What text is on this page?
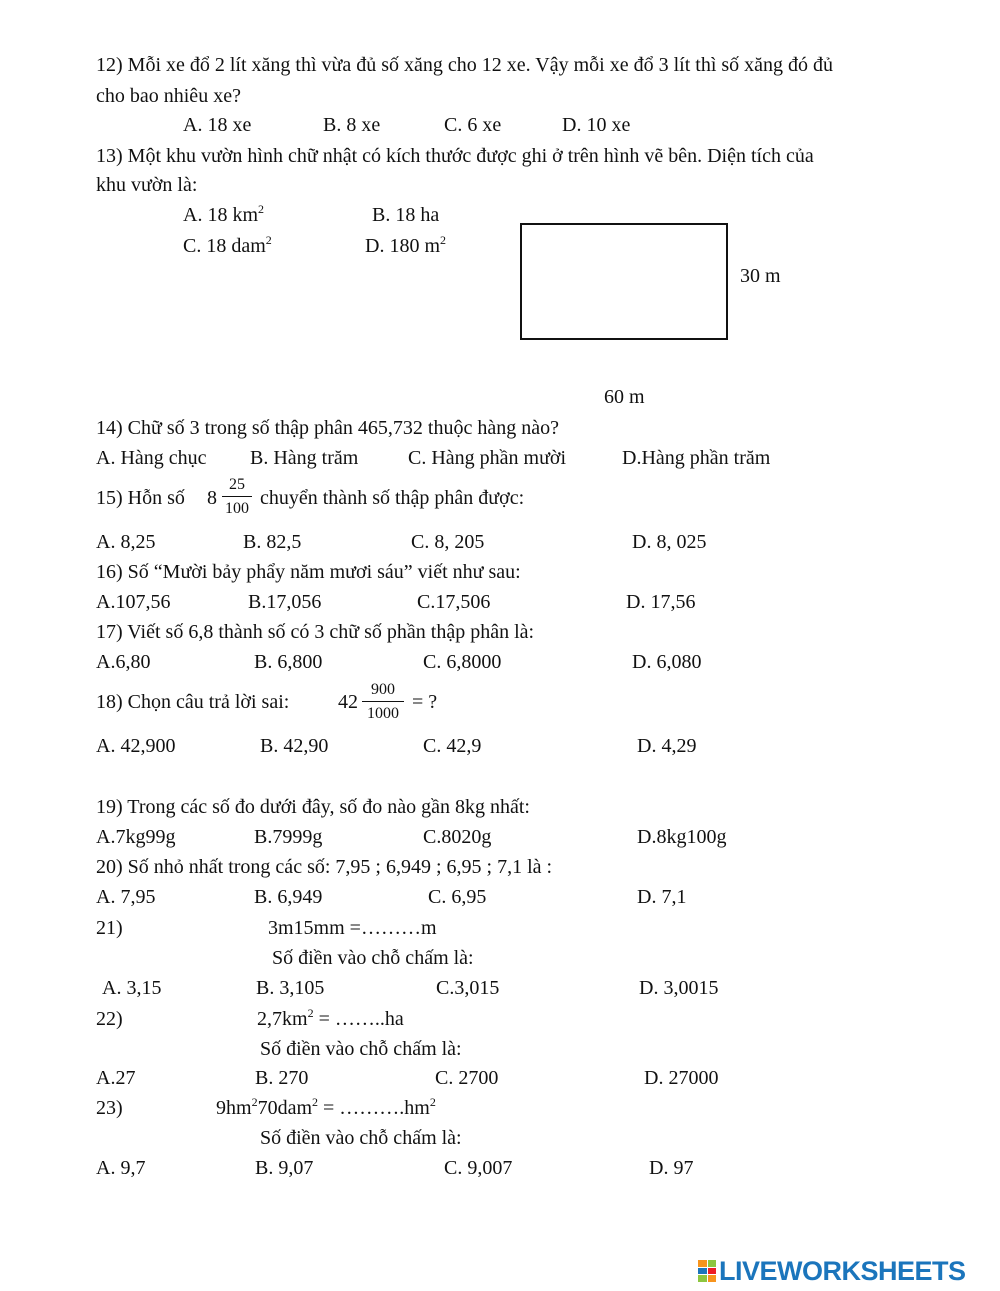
12) Mỗi xe đổ 2 lít xăng thì vừa đủ số xăng cho 12 xe. Vậy mỗi xe đổ 3 lít thì số xăng đó đủ
cho bao nhiêu xe?
A. 18 xe	B. 8 xe	C. 6 xe	D. 10 xe
13) Một khu vườn hình chữ nhật có kích thước được ghi ở trên hình vẽ bên. Diện tích của
khu vườn là:
A. 18 $km^2$	B. 18 ha
C. 18 dam$^2$	D. 180 $m^2$
30 m
60 m
14) Chữ số 3 trong số thập phân 465,732 thuộc hàng nào?
A. Hàng chục B. Hàng trăm C. Hàng phần mười	D.Hàng phần trăm
15) Hỗn số 8
25
100 chuyển thành số thập phân được:
A. 8,25	B. 82,5	C. 8, 205	D. 8, 025
16) Số “Mười bảy phẩy năm mươi sáu” viết như sau:
A.107,56	B.17,056	C.17,506	D. 17,56
17) Viết số 6,8 thành số có 3 chữ số phần thập phân là:
A.6,80	B. 6,800	C. 6,8000	D. 6,080
18) Chọn câu trả lời sai: 42
900
1000
= ?
A. 42,900	B. 42,90	C. 42,9	D. 4,29
19) Trong các số đo dưới đây, số đo nào gần 8kg nhất:
A.7kg99g	B.7999g	C.8020g	D.8kg100g
20) Số nhỏ nhất trong các số: 7,95 ; 6,949 ; 6,95 ; 7,1 là :
A. 7,95	B. 6,949	C. 6,95	D. 7,1
21)	3m15mm =………m
Số điền vào chỗ chấm là:
A. 3,15	B. 3,105	C.3,015	D. 3,0015
22)	$2,7km^2$ = ……..ha
Số điền vào chỗ chấm là:
A.27	B. 270	C. 2700	D. 27000
23)	$9hm^270dam^2$ = $\dots\dots\dots.hm^2$
Số điền vào chỗ chấm là:
A. 9,7	B. 9,07	C. 9,007	D. 97
LIVEWORKSHEETS
